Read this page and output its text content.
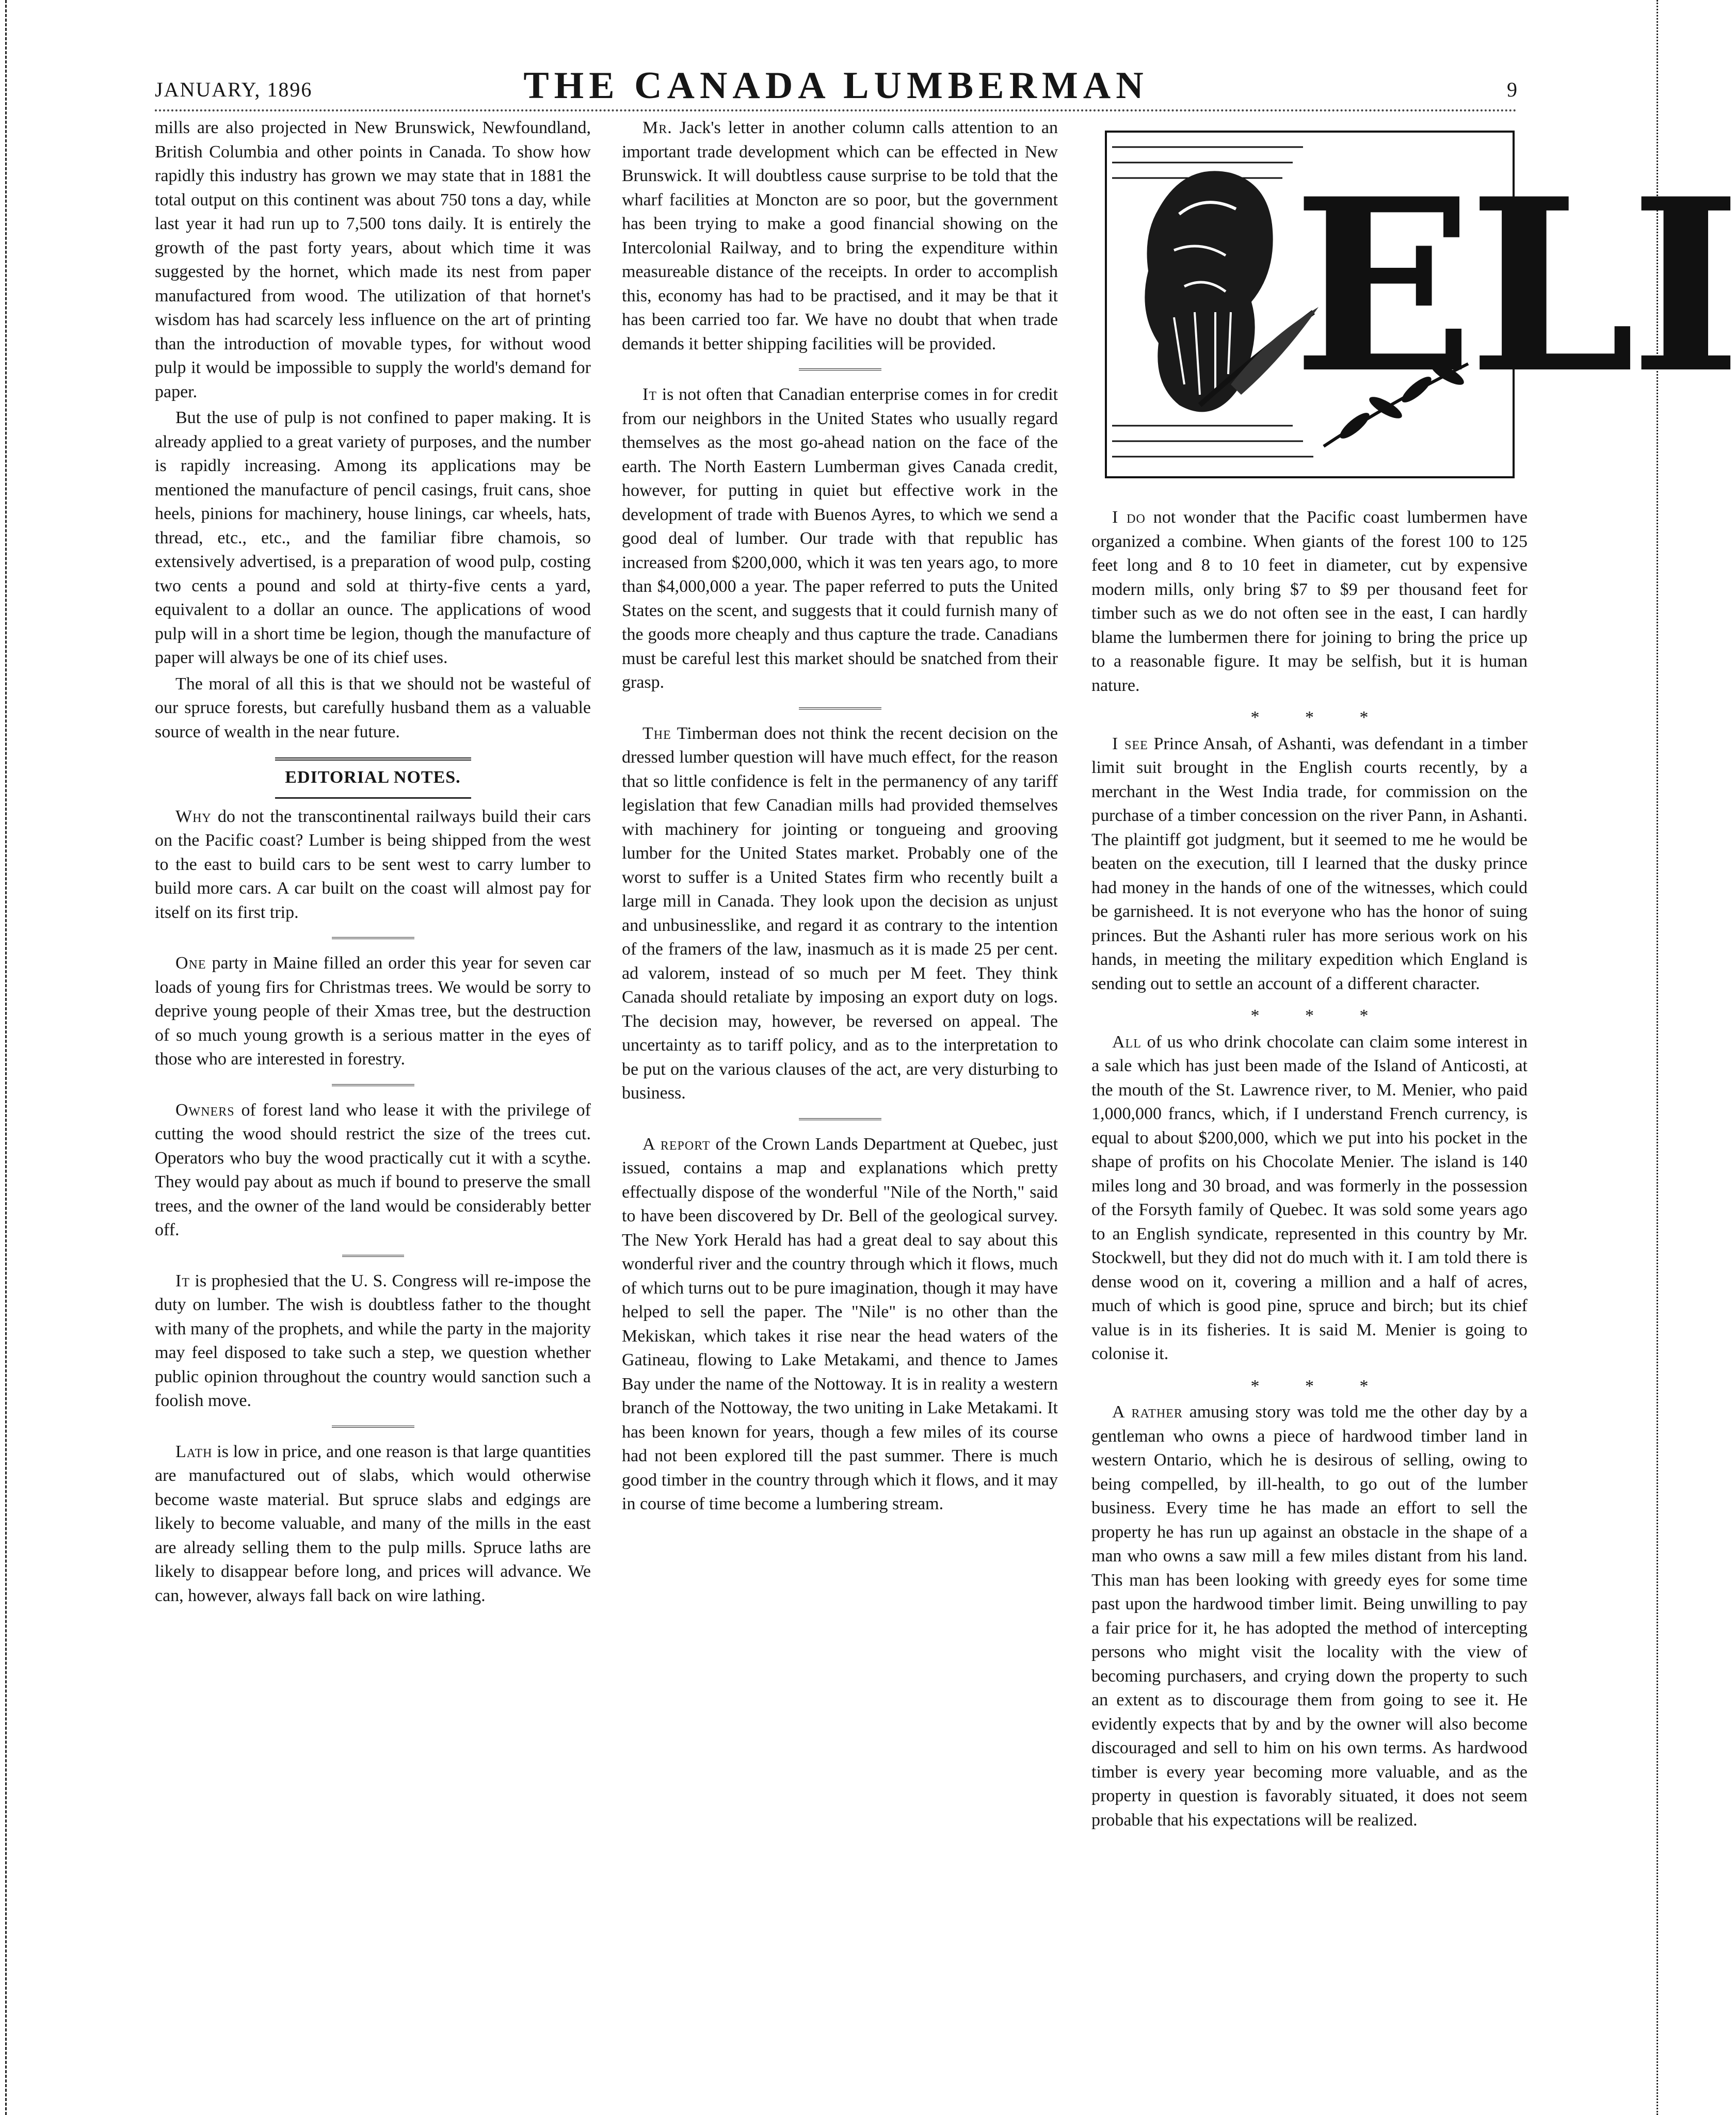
JANUARY, 1896	THE CANADA LUMBERMAN	9

mills are also projected in New Brunswick, Newfoundland, British Columbia and other points in Canada. To show how rapidly this industry has grown we may state that in 1881 the total output on this continent was about 750 tons a day, while last year it had run up to 7,500 tons daily. It is entirely the growth of the past forty years, about which time it was suggested by the hornet, which made its nest from paper manufactured from wood. The utilization of that hornet's wisdom has had scarcely less influence on the art of printing than the introduction of movable types, for without wood pulp it would be impossible to supply the world's demand for paper.

But the use of pulp is not confined to paper making. It is already applied to a great variety of purposes, and the number is rapidly increasing. Among its applications may be mentioned the manufacture of pencil casings, fruit cans, shoe heels, pinions for machinery, house linings, car wheels, hats, thread, etc., etc., and the familiar fibre chamois, so extensively advertised, is a preparation of wood pulp, costing two cents a pound and sold at thirty-five cents a yard, equivalent to a dollar an ounce. The applications of wood pulp will in a short time be legion, though the manufacture of paper will always be one of its chief uses.

The moral of all this is that we should not be wasteful of our spruce forests, but carefully husband them as a valuable source of wealth in the near future.

EDITORIAL NOTES.

Why do not the transcontinental railways build their cars on the Pacific coast? Lumber is being shipped from the west to the east to build cars to be sent west to carry lumber to build more cars. A car built on the coast will almost pay for itself on its first trip.

One party in Maine filled an order this year for seven car loads of young firs for Christmas trees. We would be sorry to deprive young people of their Xmas tree, but the destruction of so much young growth is a serious matter in the eyes of those who are interested in forestry.

Owners of forest land who lease it with the privilege of cutting the wood should restrict the size of the trees cut. Operators who buy the wood practically cut it with a scythe. They would pay about as much if bound to preserve the small trees, and the owner of the land would be considerably better off.

It is prophesied that the U. S. Congress will re-impose the duty on lumber. The wish is doubtless father to the thought with many of the prophets, and while the party in the majority may feel disposed to take such a step, we question whether public opinion throughout the country would sanction such a foolish move.

Lath is low in price, and one reason is that large quantities are manufactured out of slabs, which would otherwise become waste material. But spruce slabs and edgings are likely to become valuable, and many of the mills in the east are already selling them to the pulp mills. Spruce laths are likely to disappear before long, and prices will advance. We can, however, always fall back on wire lathing.

Mr. Jack's letter in another column calls attention to an important trade development which can be effected in New Brunswick. It will doubtless cause surprise to be told that the wharf facilities at Moncton are so poor, but the government has been trying to make a good financial showing on the Intercolonial Railway, and to bring the expenditure within measureable distance of the receipts. In order to accomplish this, economy has had to be practised, and it may be that it has been carried too far. We have no doubt that when trade demands it better shipping facilities will be provided.

It is not often that Canadian enterprise comes in for credit from our neighbors in the United States who usually regard themselves as the most go-ahead nation on the face of the earth. The North Eastern Lumberman gives Canada credit, however, for putting in quiet but effective work in the development of trade with Buenos Ayres, to which we send a good deal of lumber. Our trade with that republic has increased from $200,000, which it was ten years ago, to more than $4,000,000 a year. The paper referred to puts the United States on the scent, and suggests that it could furnish many of the goods more cheaply and thus capture the trade. Canadians must be careful lest this market should be snatched from their grasp.

The Timberman does not think the recent decision on the dressed lumber question will have much effect, for the reason that so little confidence is felt in the permanency of any tariff legislation that few Canadian mills had provided themselves with machinery for jointing or tongueing and grooving lumber for the United States market. Probably one of the worst to suffer is a United States firm who recently built a large mill in Canada. They look upon the decision as unjust and unbusinesslike, and regard it as contrary to the intention of the framers of the law, inasmuch as it is made 25 per cent. ad valorem, instead of so much per M feet. They think Canada should retaliate by imposing an export duty on logs. The decision may, however, be reversed on appeal. The uncertainty as to tariff policy, and as to the interpretation to be put on the various clauses of the act, are very disturbing to business.

A report of the Crown Lands Department at Quebec, just issued, contains a map and explanations which pretty effectually dispose of the wonderful "Nile of the North," said to have been discovered by Dr. Bell of the geological survey. The New York Herald has had a great deal to say about this wonderful river and the country through which it flows, much of which turns out to be pure imagination, though it may have helped to sell the paper. The "Nile" is no other than the Mekiskan, which takes it rise near the head waters of the Gatineau, flowing to Lake Metakami, and thence to James Bay under the name of the Nottoway. It is in reality a western branch of the Nottoway, the two uniting in Lake Metakami. It has been known for years, though a few miles of its course had not been explored till the past summer. There is much good timber in the country through which it flows, and it may in course of time become a lumbering stream.

ELI

I do not wonder that the Pacific coast lumbermen have organized a combine. When giants of the forest 100 to 125 feet long and 8 to 10 feet in diameter, cut by expensive modern mills, only bring $7 to $9 per thousand feet for timber such as we do not often see in the east, I can hardly blame the lumbermen there for joining to bring the price up to a reasonable figure. It may be selfish, but it is human nature.

* * *

I see Prince Ansah, of Ashanti, was defendant in a timber limit suit brought in the English courts recently, by a merchant in the West India trade, for commission on the purchase of a timber concession on the river Pann, in Ashanti. The plaintiff got judgment, but it seemed to me he would be beaten on the execution, till I learned that the dusky prince had money in the hands of one of the witnesses, which could be garnisheed. It is not everyone who has the honor of suing princes. But the Ashanti ruler has more serious work on his hands, in meeting the military expedition which England is sending out to settle an account of a different character.

* * *

All of us who drink chocolate can claim some interest in a sale which has just been made of the Island of Anticosti, at the mouth of the St. Lawrence river, to M. Menier, who paid 1,000,000 francs, which, if I understand French currency, is equal to about $200,000, which we put into his pocket in the shape of profits on his Chocolate Menier. The island is 140 miles long and 30 broad, and was formerly in the possession of the Forsyth family of Quebec. It was sold some years ago to an English syndicate, represented in this country by Mr. Stockwell, but they did not do much with it. I am told there is dense wood on it, covering a million and a half of acres, much of which is good pine, spruce and birch; but its chief value is in its fisheries. It is said M. Menier is going to colonise it.

* * *

A rather amusing story was told me the other day by a gentleman who owns a piece of hardwood timber land in western Ontario, which he is desirous of selling, owing to being compelled, by ill-health, to go out of the lumber business. Every time he has made an effort to sell the property he has run up against an obstacle in the shape of a man who owns a saw mill a few miles distant from his land. This man has been looking with greedy eyes for some time past upon the hardwood timber limit. Being unwilling to pay a fair price for it, he has adopted the method of intercepting persons who might visit the locality with the view of becoming purchasers, and crying down the property to such an extent as to discourage them from going to see it. He evidently expects that by and by the owner will also become discouraged and sell to him on his own terms. As hardwood timber is every year becoming more valuable, and as the property in question is favorably situated, it does not seem probable that his expectations will be realized.
